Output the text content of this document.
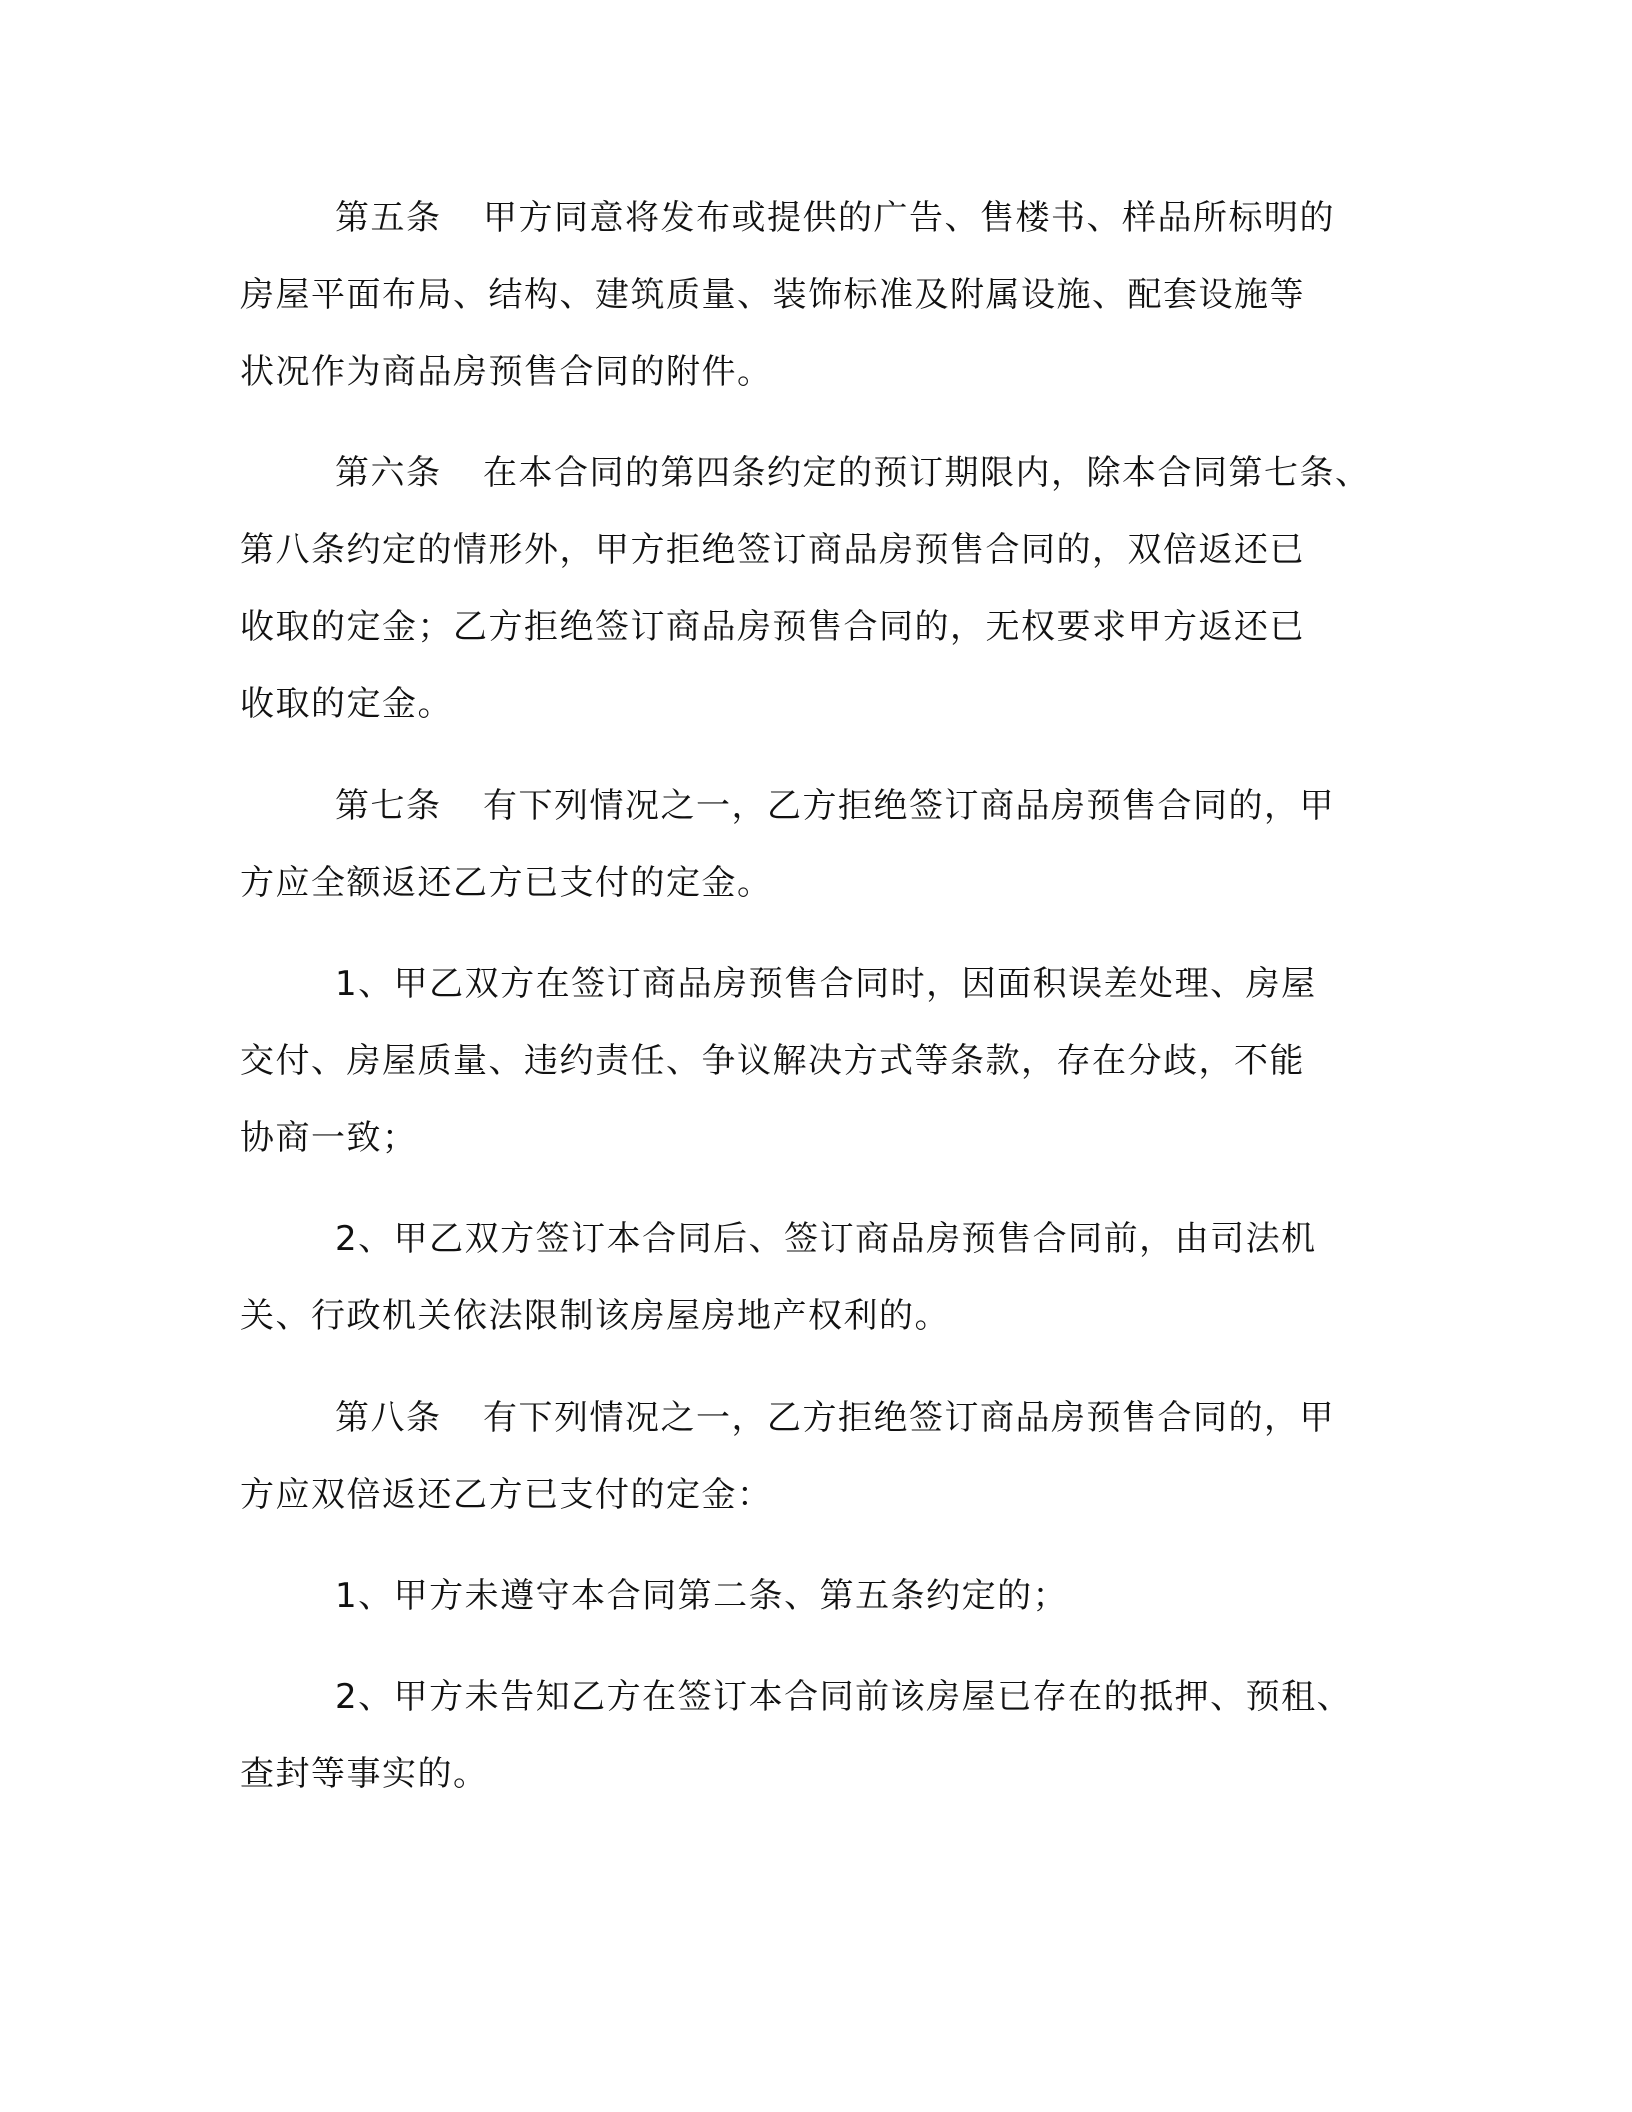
第五条 甲方同意将发布或提供的广告、售楼书、样品所标明的
房屋平面布局、结构、建筑质量、装饰标准及附属设施、配套设施等
状况作为商品房预售合同的附件。
第六条 在本合同的第四条约定的预订期限内，除本合同第七条、
第八条约定的情形外，甲方拒绝签订商品房预售合同的，双倍返还已
收取的定金；乙方拒绝签订商品房预售合同的，无权要求甲方返还已
收取的定金。
第七条 有下列情况之一，乙方拒绝签订商品房预售合同的，甲
方应全额返还乙方已支付的定金。
1、甲乙双方在签订商品房预售合同时，因面积误差处理、房屋
交付、房屋质量、违约责任、争议解决方式等条款，存在分歧，不能
协商一致；
2、甲乙双方签订本合同后、签订商品房预售合同前，由司法机
关、行政机关依法限制该房屋房地产权利的。
第八条 有下列情况之一，乙方拒绝签订商品房预售合同的，甲
方应双倍返还乙方已支付的定金：
1、甲方未遵守本合同第二条、第五条约定的；
2、甲方未告知乙方在签订本合同前该房屋已存在的抵押、预租、
查封等事实的。
